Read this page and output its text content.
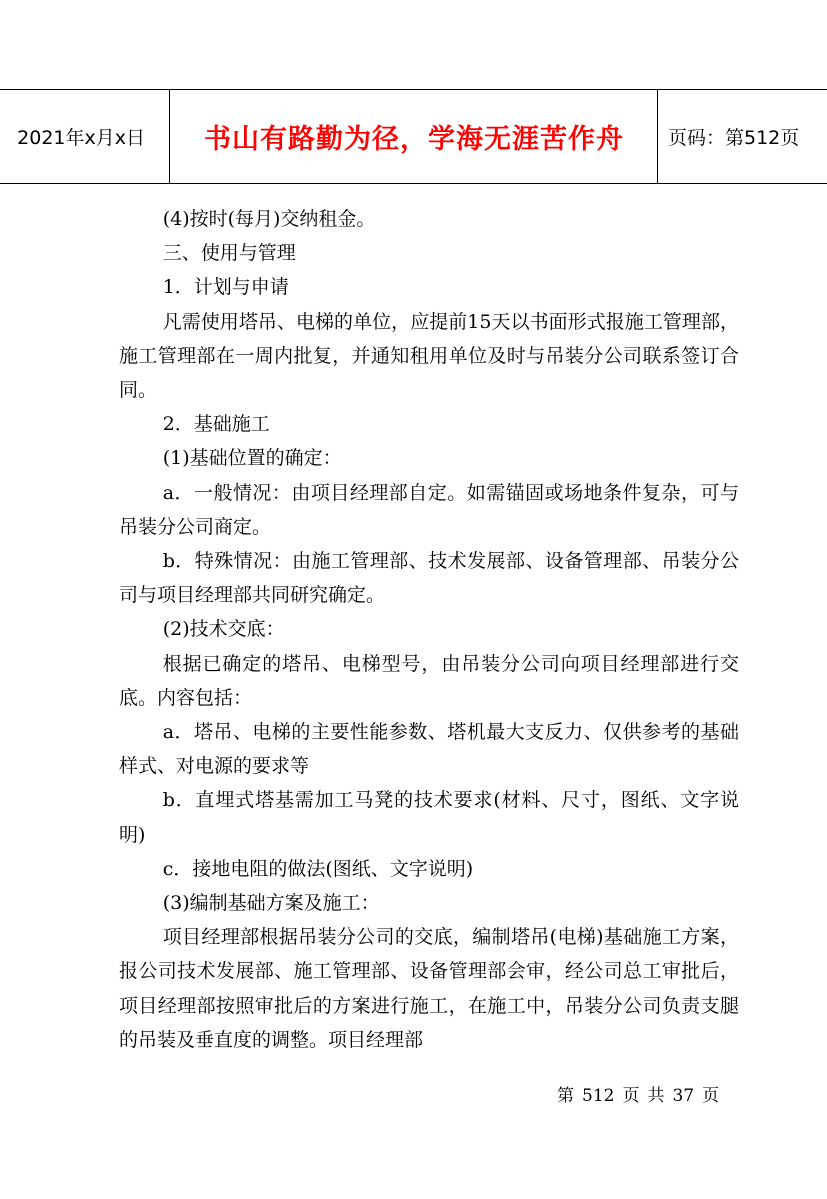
2021年x月x日	书山有路勤为径，学海无涯苦作舟	页码：第512页

(4)按时(每月)交纳租金。

三、使用与管理

1．计划与申请

凡需使用塔吊、电梯的单位，应提前15天以书面形式报施工管理部，施工管理部在一周内批复，并通知租用单位及时与吊装分公司联系签订合同。

2．基础施工

(1)基础位置的确定：

a．一般情况：由项目经理部自定。如需锚固或场地条件复杂，可与吊装分公司商定。

b．特殊情况：由施工管理部、技术发展部、设备管理部、吊装分公司与项目经理部共同研究确定。

(2)技术交底：

根据已确定的塔吊、电梯型号，由吊装分公司向项目经理部进行交底。内容包括：

a．塔吊、电梯的主要性能参数、塔机最大支反力、仅供参考的基础样式、对电源的要求等

b．直埋式塔基需加工马凳的技术要求(材料、尺寸，图纸、文字说明)

c．接地电阻的做法(图纸、文字说明)

(3)编制基础方案及施工：

项目经理部根据吊装分公司的交底，编制塔吊(电梯)基础施工方案，报公司技术发展部、施工管理部、设备管理部会审，经公司总工审批后，项目经理部按照审批后的方案进行施工，在施工中，吊装分公司负责支腿的吊装及垂直度的调整。项目经理部

第 512 页 共 37 页
